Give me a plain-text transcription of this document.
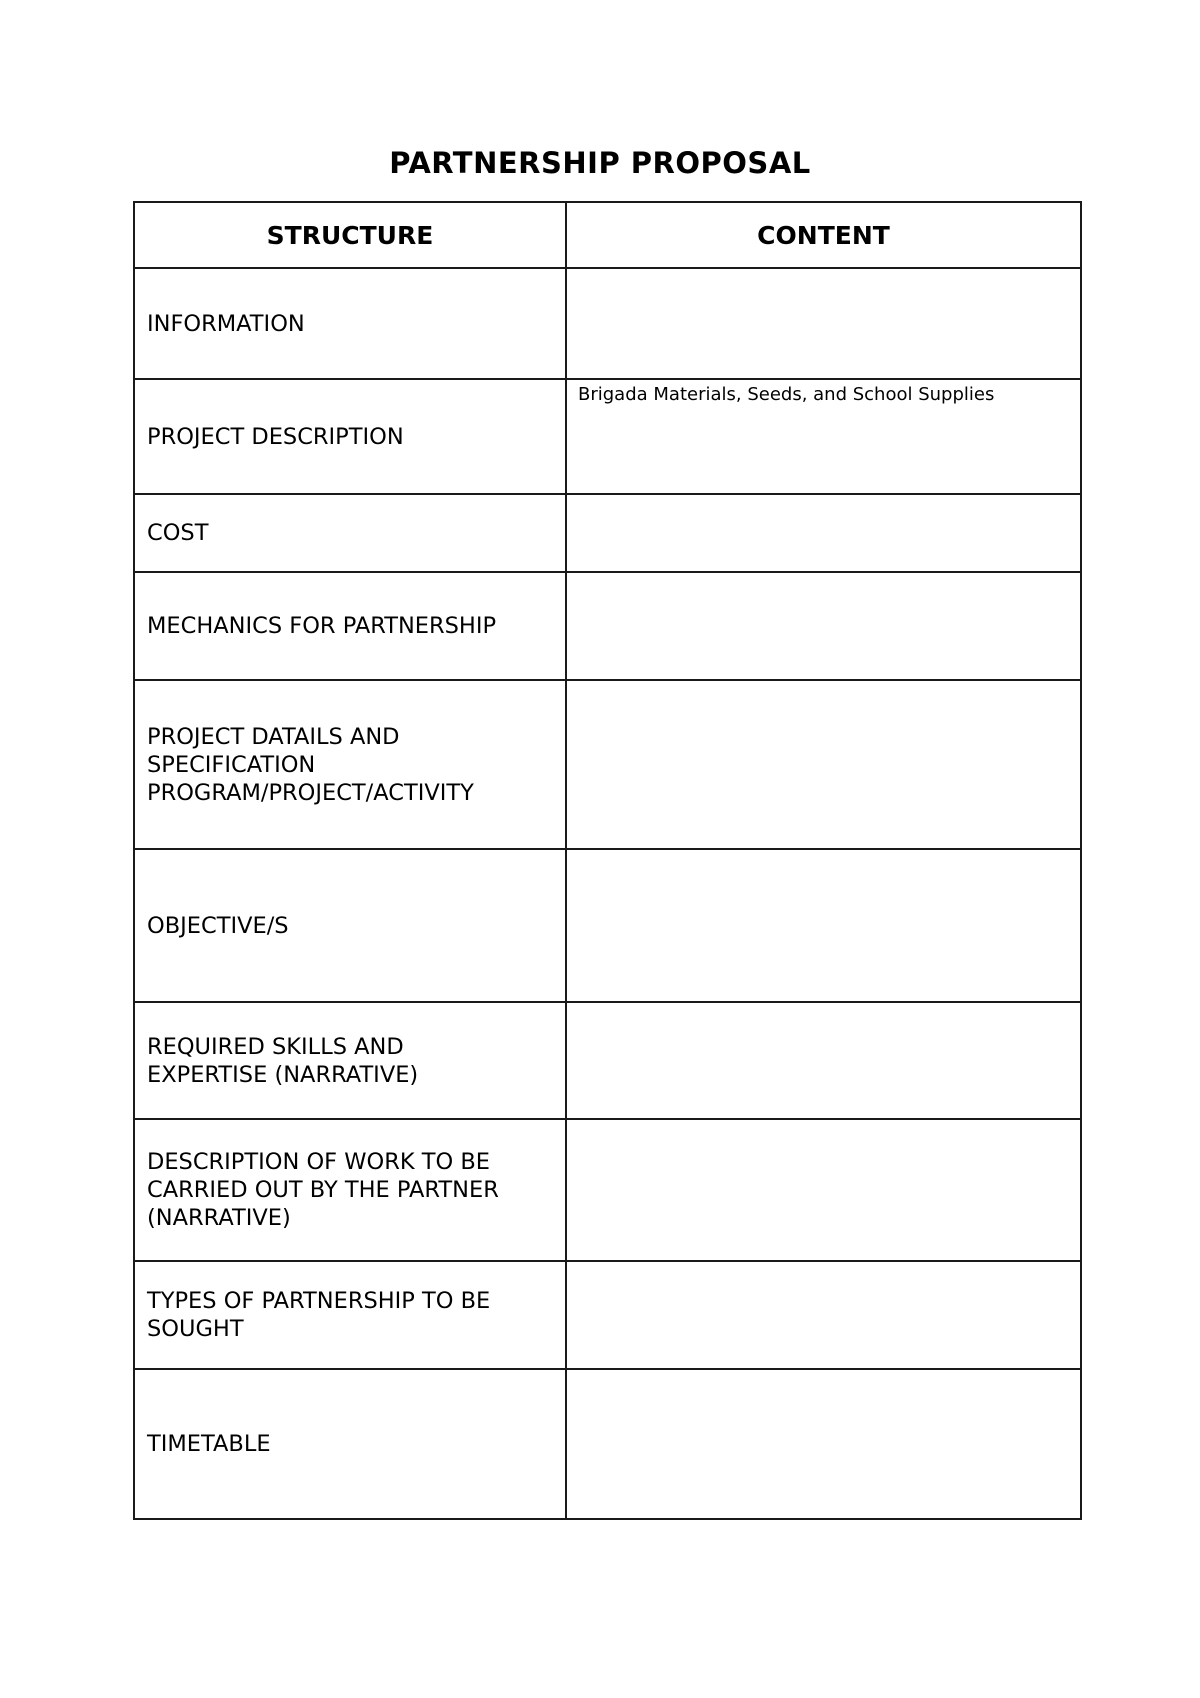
PARTNERSHIP PROPOSAL
STRUCTURE	CONTENT
INFORMATION	

PROJECT DESCRIPTION	Brigada Materials, Seeds, and School Supplies

COST	

MECHANICS FOR PARTNERSHIP	

PROJECT DATAILS AND
SPECIFICATION
PROGRAM/PROJECT/ACTIVITY	

OBJECTIVE/S	

REQUIRED SKILLS AND
EXPERTISE (NARRATIVE)	

DESCRIPTION OF WORK TO BE
CARRIED OUT BY THE PARTNER
(NARRATIVE)	

TYPES OF PARTNERSHIP TO BE
SOUGHT	

TIMETABLE	
